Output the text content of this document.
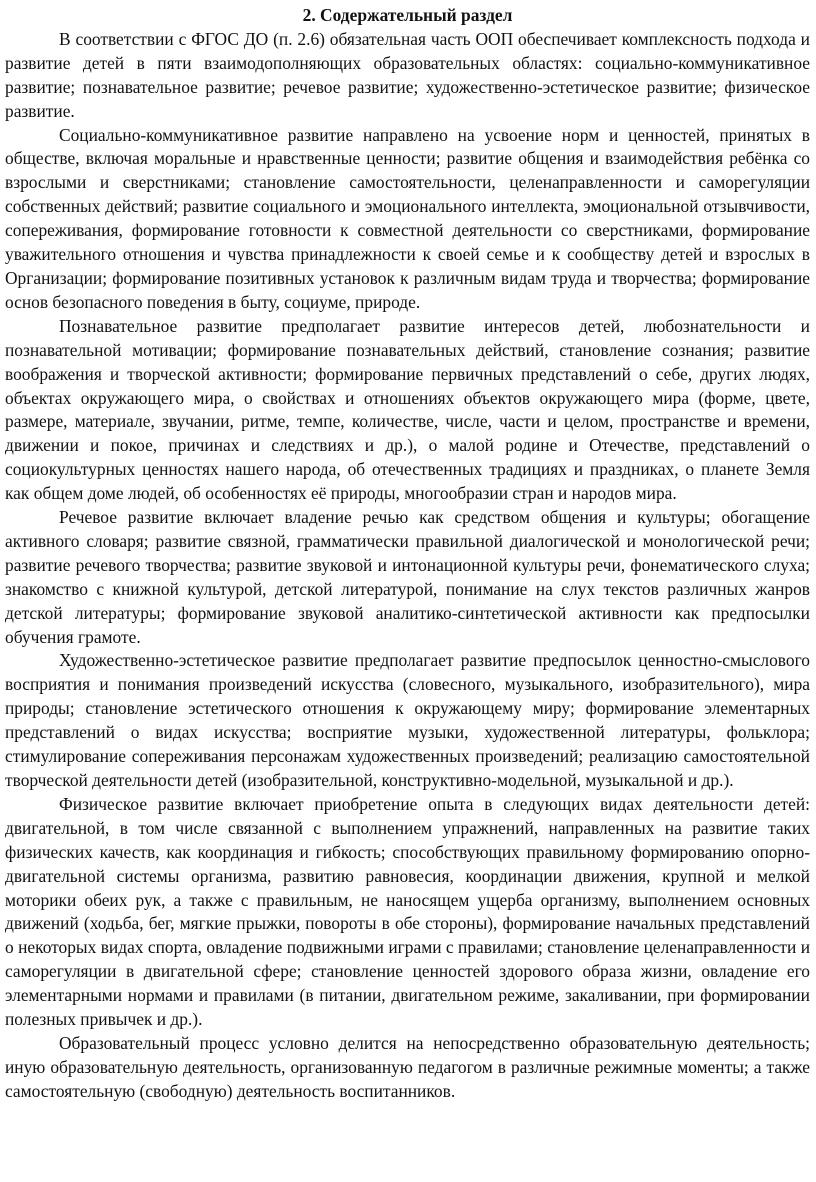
2. Содержательный раздел

В соответствии с ФГОС ДО (п. 2.6) обязательная часть ООП обеспечивает комплексность подхода и развитие детей в пяти взаимодополняющих образовательных областях: социально-коммуникативное развитие; познавательное развитие; речевое развитие; художественно-эстетическое развитие; физическое развитие.

Социально-коммуникативное развитие направлено на усвоение норм и ценностей, принятых в обществе, включая моральные и нравственные ценности; развитие общения и взаимодействия ребёнка со взрослыми и сверстниками; становление самостоятельности, целенаправленности и саморегуляции собственных действий; развитие социального и эмоционального интеллекта, эмоциональной отзывчивости, сопереживания, формирование готовности к совместной деятельности со сверстниками, формирование уважительного отношения и чувства принадлежности к своей семье и к сообществу детей и взрослых в Организации; формирование позитивных установок к различным видам труда и творчества; формирование основ безопасного поведения в быту, социуме, природе.

Познавательное развитие предполагает развитие интересов детей, любознательности и познавательной мотивации; формирование познавательных действий, становление сознания; развитие воображения и творческой активности; формирование первичных представлений о себе, других людях, объектах окружающего мира, о свойствах и отношениях объектов окружающего мира (форме, цвете, размере, материале, звучании, ритме, темпе, количестве, числе, части и целом, пространстве и времени, движении и покое, причинах и следствиях и др.), о малой родине и Отечестве, представлений о социокультурных ценностях нашего народа, об отечественных традициях и праздниках, о планете Земля как общем доме людей, об особенностях её природы, многообразии стран и народов мира.

Речевое развитие включает владение речью как средством общения и культуры; обогащение активного словаря; развитие связной, грамматически правильной диалогической и монологической речи; развитие речевого творчества; развитие звуковой и интонационной культуры речи, фонематического слуха; знакомство с книжной культурой, детской литературой, понимание на слух текстов различных жанров детской литературы; формирование звуковой аналитико-синтетической активности как предпосылки обучения грамоте.

Художественно-эстетическое развитие предполагает развитие предпосылок ценностно-смыслового восприятия и понимания произведений искусства (словесного, музыкального, изобразительного), мира природы; становление эстетического отношения к окружающему миру; формирование элементарных представлений о видах искусства; восприятие музыки, художественной литературы, фольклора; стимулирование сопереживания персонажам художественных произведений; реализацию самостоятельной творческой деятельности детей (изобразительной, конструктивно-модельной, музыкальной и др.).

Физическое развитие включает приобретение опыта в следующих видах деятельности детей: двигательной, в том числе связанной с выполнением упражнений, направленных на развитие таких физических качеств, как координация и гибкость; способствующих правильному формированию опорно-двигательной системы организма, развитию равновесия, координации движения, крупной и мелкой моторики обеих рук, а также с правильным, не наносящем ущерба организму, выполнением основных движений (ходьба, бег, мягкие прыжки, повороты в обе стороны), формирование начальных представлений о некоторых видах спорта, овладение подвижными играми с правилами; становление целенаправленности и саморегуляции в двигательной сфере; становление ценностей здорового образа жизни, овладение его элементарными нормами и правилами (в питании, двигательном режиме, закаливании, при формировании полезных привычек и др.).

Образовательный процесс условно делится на непосредственно образовательную деятельность; иную образовательную деятельность, организованную педагогом в различные режимные моменты; а также самостоятельную (свободную) деятельность воспитанников.
